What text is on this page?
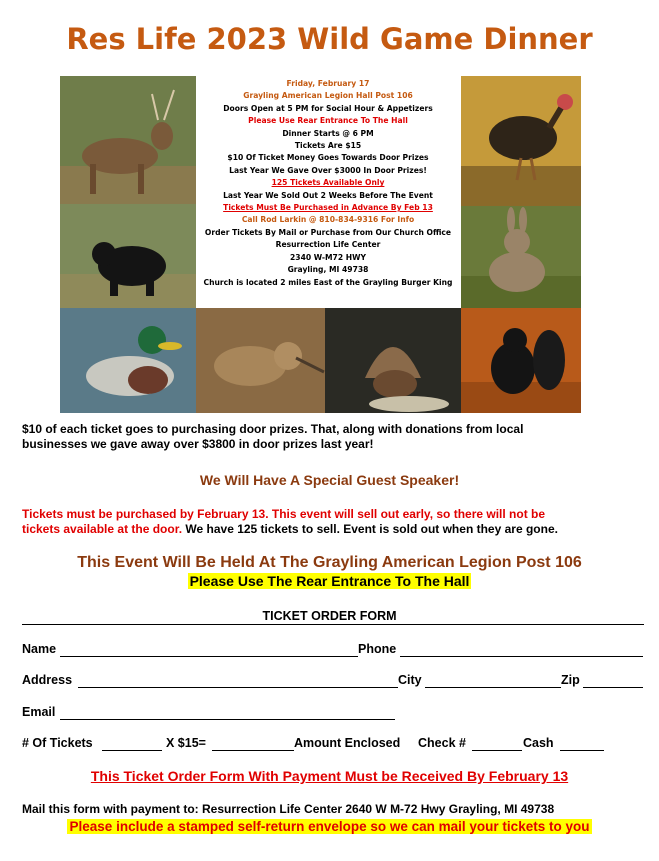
Res Life 2023 Wild Game Dinner
Friday, February 17
Grayling American Legion Hall Post 106
Doors Open at 5 PM for Social Hour & Appetizers
Please Use Rear Entrance To The Hall
Dinner Starts @ 6 PM
Tickets Are $15
$10 Of Ticket Money Goes Towards Door Prizes
Last Year We Gave Over $3000 In Door Prizes!
125 Tickets Available Only
Last Year We Sold Out 2 Weeks Before The Event
Tickets Must Be Purchased in Advance By Feb 13
Call Rod Larkin @ 810-834-9316 For Info
Order Tickets By Mail or Purchase from Our Church Office
Resurrection Life Center
2340 W-M72 HWY
Grayling, MI 49738
Church is located 2 miles East of the Grayling Burger King
$10 of each ticket goes to purchasing door prizes. That, along with donations from local
businesses we gave away over $3800 in door prizes last year!
We Will Have A Special Guest Speaker!
Tickets must be purchased by February 13. This event will sell out early, so there will not be
tickets available at the door. We have 125 tickets to sell. Event is sold out when they are gone.
This Event Will Be Held At The Grayling American Legion Post 106
Please Use The Rear Entrance To The Hall
TICKET ORDER FORM
Name	Phone
Address	City	Zip
Email
# Of Tickets	X $15=	Amount Enclosed Check #	Cash
This Ticket Order Form With Payment Must be Received By February 13
Mail this form with payment to: Resurrection Life Center 2640 W M-72 Hwy Grayling, MI 49738
Please include a stamped self-return envelope so we can mail your tickets to you
